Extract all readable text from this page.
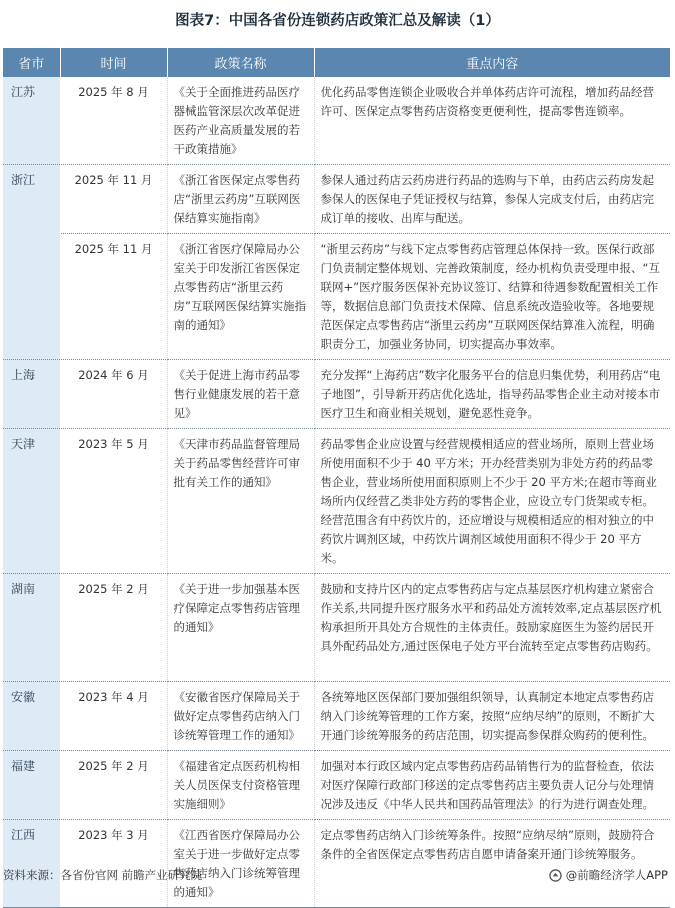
图表7：中国各省份连锁药店政策汇总及解读（1）
省市	时间	政策名称	重点内容
江苏	2025 年 8 月	《关于全面推进药品医疗器械监管深层次改革促进医药产业高质量发展的若干政策措施》	优化药品零售连锁企业吸收合并单体药店许可流程，增加药品经营许可、医保定点零售药店资格变更便利性，提高零售连锁率。
浙江	2025 年 11 月	《浙江省医保定点零售药店“浙里云药房”互联网医保结算实施指南》	参保人通过药店云药房进行药品的选购与下单，由药店云药房发起参保人的医保电子凭证授权与结算，参保人完成支付后，由药店完成订单的接收、出库与配送。
	2025 年 11 月	《浙江省医疗保障局办公室关于印发浙江省医保定点零售药店“浙里云药房”互联网医保结算实施指南的通知》	“浙里云药房”与线下定点零售药店管理总体保持一致。医保行政部门负责制定整体规划、完善政策制度，经办机构负责受理申报、“互联网+”医疗服务医保补充协议签订、结算和待遇参数配置相关工作等，数据信息部门负责技术保障、信息系统改造验收等。各地要规范医保定点零售药店“浙里云药房”互联网医保结算准入流程，明确职责分工，加强业务协同，切实提高办事效率。
上海	2024 年 6 月	《关于促进上海市药品零售行业健康发展的若干意见》	充分发挥“上海药店”数字化服务平台的信息归集优势，利用药店“电子地图”，引导新开药店优化选址，指导药品零售企业主动对接本市医疗卫生和商业相关规划，避免恶性竞争。
天津	2023 年 5 月	《天津市药品监督管理局关于药品零售经营许可审批有关工作的通知》	药品零售企业应设置与经营规模相适应的营业场所，原则上营业场所使用面积不少于 40 平方米；开办经营类别为非处方药的药品零售企业，营业场所使用面积原则上不少于 20 平方米;在超市等商业场所内仅经营乙类非处方药的零售企业，应设立专门货架或专柜。经营范围含有中药饮片的，还应增设与规模相适应的相对独立的中药饮片调剂区域，中药饮片调剂区域使用面积不得少于 20 平方米。
湖南	2025 年 2 月	《关于进一步加强基本医疗保障定点零售药店管理的通知》	鼓励和支持片区内的定点零售药店与定点基层医疗机构建立紧密合作关系,共同提升医疗服务水平和药品处方流转效率,定点基层医疗机构承担所开具处方合规性的主体责任。鼓励家庭医生为签约居民开具外配药品处方,通过医保电子处方平台流转至定点零售药店购药。
安徽	2023 年 4 月	《安徽省医疗保障局关于做好定点零售药店纳入门诊统筹管理工作的通知》	各统筹地区医保部门要加强组织领导，认真制定本地定点零售药店纳入门诊统筹管理的工作方案，按照“应纳尽纳”的原则，不断扩大开通门诊统筹服务的药店范围，切实提高参保群众购药的便利性。
福建	2025 年 2 月	《福建省定点医药机构相关人员医保支付资格管理实施细则》	加强对本行政区域内定点零售药店药品销售行为的监督检查，依法对医疗保障行政部门移送的定点零售药店主要负责人记分与处理情况涉及违反《中华人民共和国药品管理法》的行为进行调查处理。
江西	2023 年 3 月	《江西省医疗保障局办公室关于进一步做好定点零售药店纳入门诊统筹管理的通知》	定点零售药店纳入门诊统筹条件。按照“应纳尽纳”原则，鼓励符合条件的全省医保定点零售药店自愿申请备案开通门诊统筹服务。
资料来源：各省份官网 前瞻产业研究院	@前瞻经济学人APP
